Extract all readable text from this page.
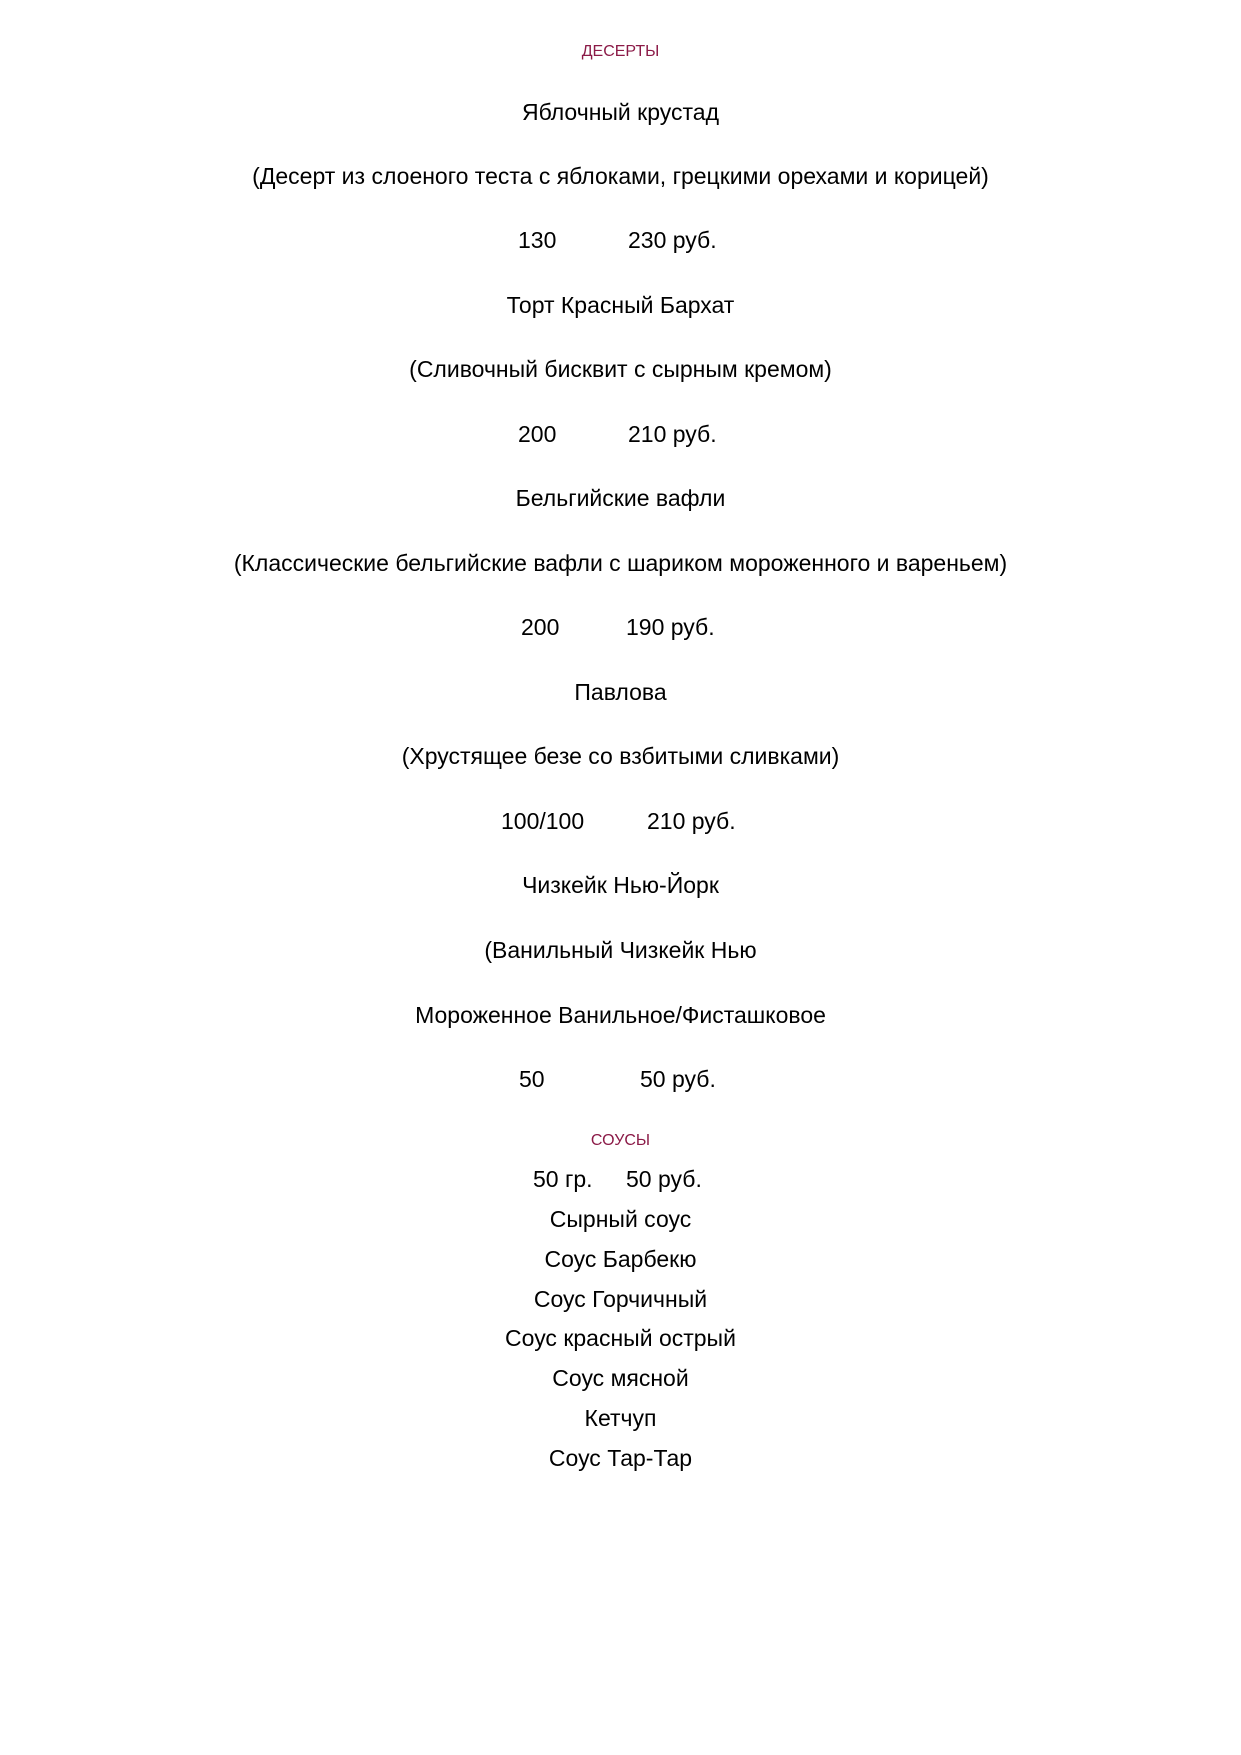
ДЕСЕРТЫ
Яблочный крустад
(Десерт из слоеного теста с яблоками, грецкими орехами и корицей)
130	230 руб.
Торт Красный Бархат
(Сливочный бисквит с сырным кремом)
200	210 руб.
Бельгийские вафли
(Классические бельгийские вафли с шариком мороженного и вареньем)
200	190 руб.
Павлова
(Хрустящее безе со взбитыми сливками)
100/100	210 руб.
Чизкейк Нью-Йорк
(Ванильный Чизкейк Нью
Мороженное Ванильное/Фисташковое
50	50 руб.
СОУСЫ
50 гр. 50 руб.
Сырный соус
Соус Барбекю
Соус Горчичный
Соус красный острый
Соус мясной
Кетчуп
Соус Тар-Тар
